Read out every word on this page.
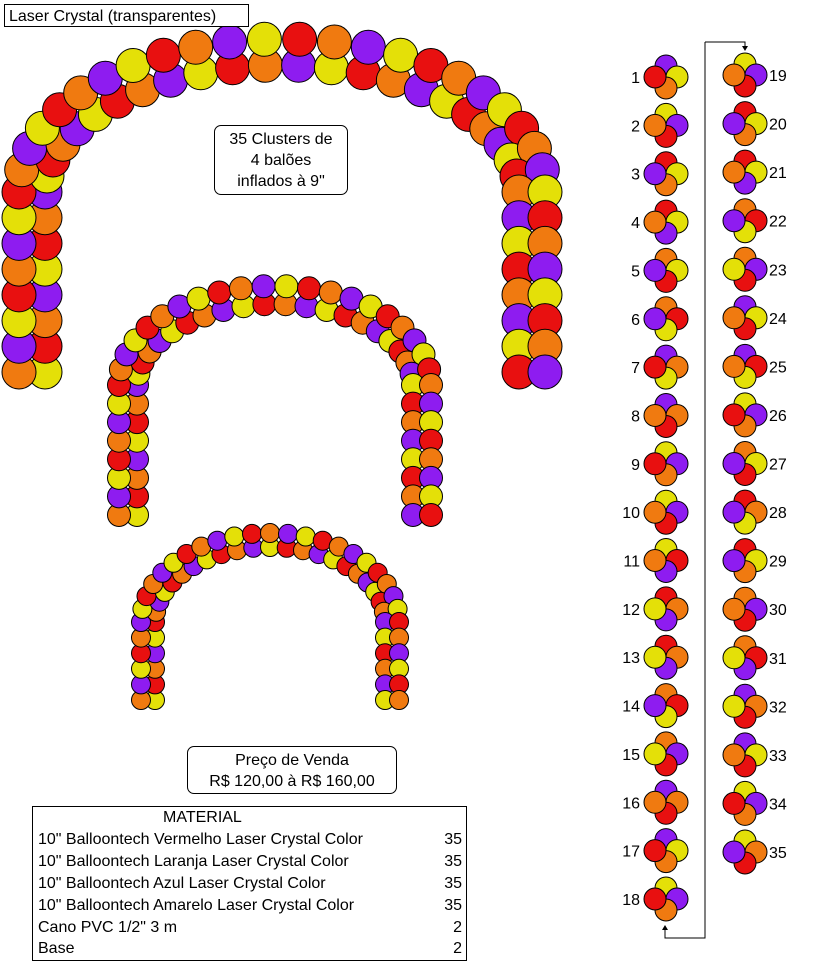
1
2
3
4
5
6
7
8
9
10
11
12
13
14
15
16
17
18
19
20
21
22
23
24
25
26
27
28
29
30
31
32
33
34
35
Laser Crystal (transparentes)
35 Clusters de
4 balões
inflados à 9"
Preço de Venda
R$ 120,00 à R$ 160,00
MATERIAL
10" Balloontech Vermelho Laser Crystal Color	35
10" Balloontech Laranja Laser Crystal Color	35
10" Balloontech Azul Laser Crystal Color	35
10" Balloontech Amarelo Laser Crystal Color	35
Cano PVC 1/2" 3 m	2
Base	2
